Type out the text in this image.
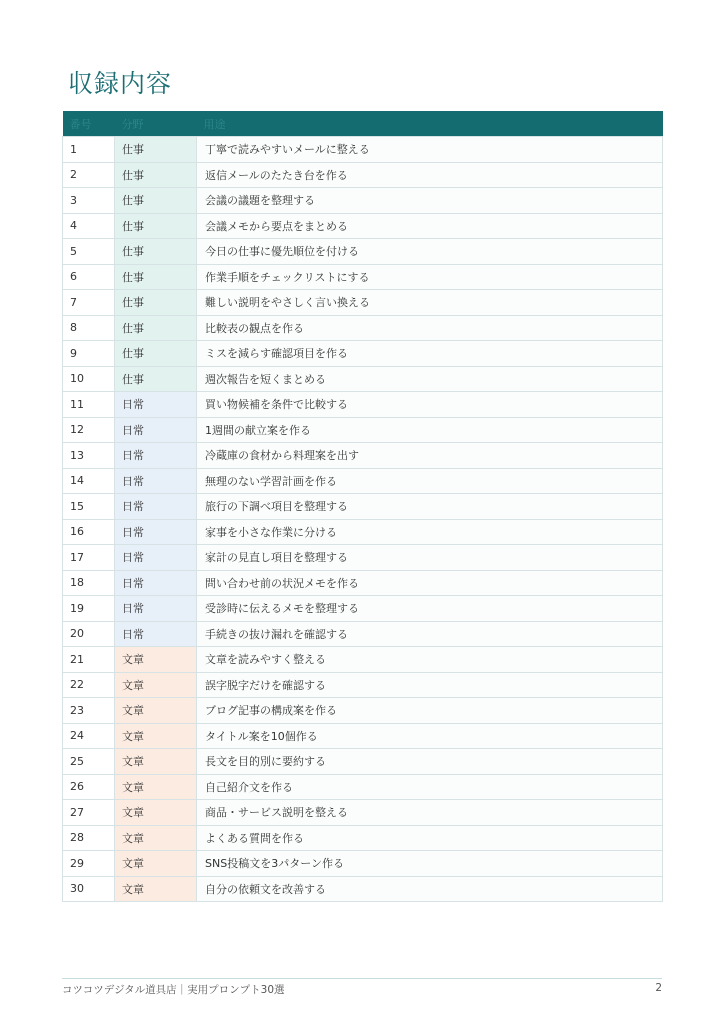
収録内容
番号	分野	用途
1	仕事	丁寧で読みやすいメールに整える
2	仕事	返信メールのたたき台を作る
3	仕事	会議の議題を整理する
4	仕事	会議メモから要点をまとめる
5	仕事	今日の仕事に優先順位を付ける
6	仕事	作業手順をチェックリストにする
7	仕事	難しい説明をやさしく言い換える
8	仕事	比較表の観点を作る
9	仕事	ミスを減らす確認項目を作る
10	仕事	週次報告を短くまとめる
11	日常	買い物候補を条件で比較する
12	日常	1週間の献立案を作る
13	日常	冷蔵庫の食材から料理案を出す
14	日常	無理のない学習計画を作る
15	日常	旅行の下調べ項目を整理する
16	日常	家事を小さな作業に分ける
17	日常	家計の見直し項目を整理する
18	日常	問い合わせ前の状況メモを作る
19	日常	受診時に伝えるメモを整理する
20	日常	手続きの抜け漏れを確認する
21	文章	文章を読みやすく整える
22	文章	誤字脱字だけを確認する
23	文章	ブログ記事の構成案を作る
24	文章	タイトル案を10個作る
25	文章	長文を目的別に要約する
26	文章	自己紹介文を作る
27	文章	商品・サービス説明を整える
28	文章	よくある質問を作る
29	文章	SNS投稿文を3パターン作る
30	文章	自分の依頼文を改善する
コツコツデジタル道具店｜実用プロンプト30選	2
